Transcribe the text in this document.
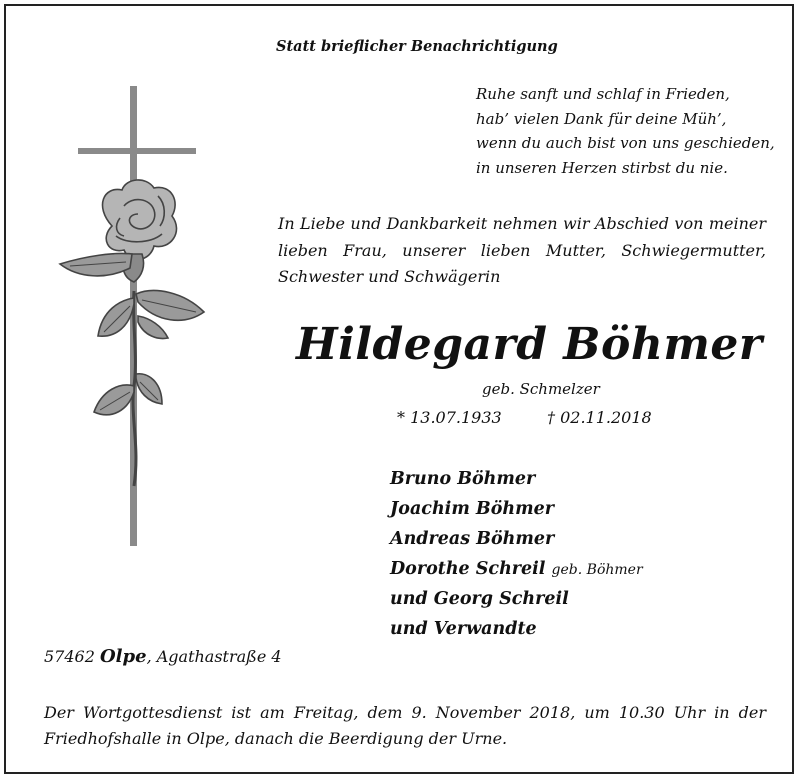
Statt brieflicher Benachrichtigung
Ruhe sanft und schlaf in Frieden,
hab’ vielen Dank für deine Müh’,
wenn du auch bist von uns geschieden,
in unseren Herzen stirbst du nie.
In Liebe und Dankbarkeit nehmen wir Abschied von meiner
lieben Frau, unserer lieben Mutter, Schwiegermutter,
Schwester und Schwägerin
Hildegard Böhmer
geb. Schmelzer
* 13.07.1933	† 02.11.2018
Bruno Böhmer
Joachim Böhmer
Andreas Böhmer
Dorothe Schreil geb. Böhmer
und Georg Schreil
und Verwandte
57462 Olpe, Agathastraße 4
Der Wortgottesdienst ist am Freitag, dem 9. November 2018, um 10.30 Uhr in der
Friedhofshalle in Olpe, danach die Beerdigung der Urne.
